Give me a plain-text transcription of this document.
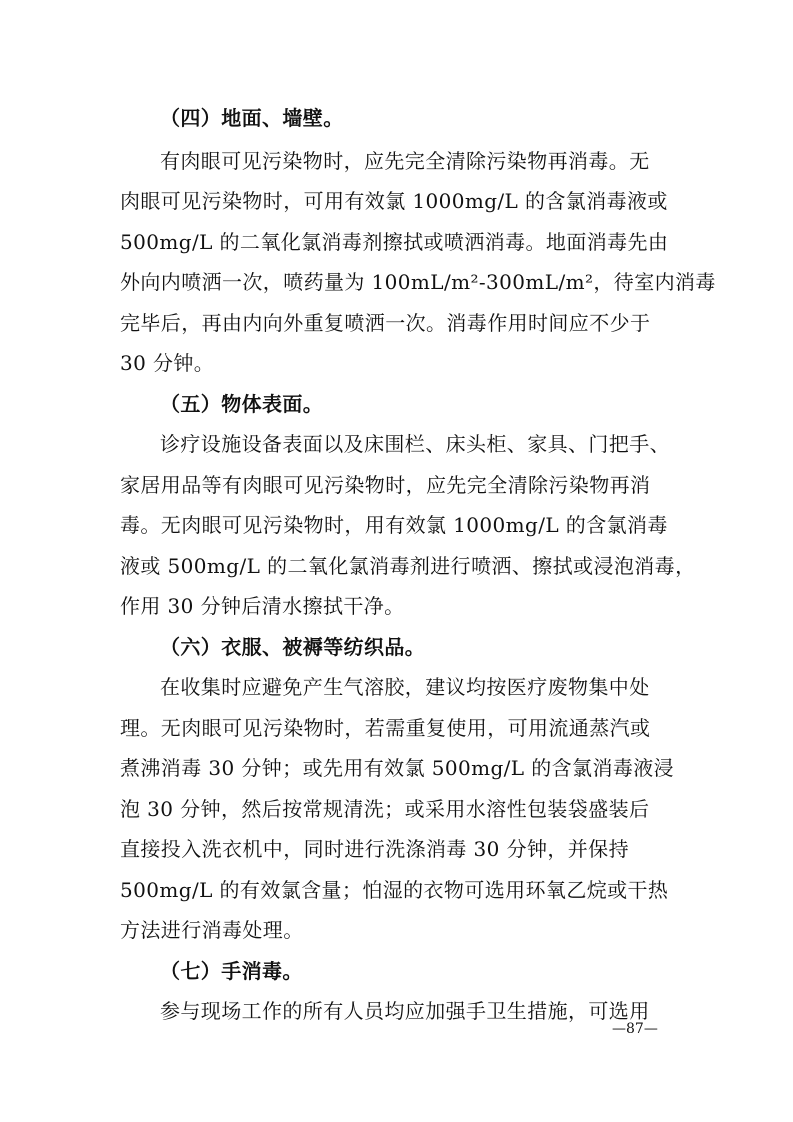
（四）地面、墙壁。
有肉眼可见污染物时，应先完全清除污染物再消毒。无
肉眼可见污染物时，可用有效氯 1000mg/L 的含氯消毒液或
500mg/L 的二氧化氯消毒剂擦拭或喷洒消毒。地面消毒先由
外向内喷洒一次，喷药量为 100mL/m²-300mL/m²，待室内消毒
完毕后，再由内向外重复喷洒一次。消毒作用时间应不少于
30 分钟。
（五）物体表面。
诊疗设施设备表面以及床围栏、床头柜、家具、门把手、
家居用品等有肉眼可见污染物时，应先完全清除污染物再消
毒。无肉眼可见污染物时，用有效氯 1000mg/L 的含氯消毒
液或 500mg/L 的二氧化氯消毒剂进行喷洒、擦拭或浸泡消毒，
作用 30 分钟后清水擦拭干净。
（六）衣服、被褥等纺织品。
在收集时应避免产生气溶胶，建议均按医疗废物集中处
理。无肉眼可见污染物时，若需重复使用，可用流通蒸汽或
煮沸消毒 30 分钟；或先用有效氯 500mg/L 的含氯消毒液浸
泡 30 分钟，然后按常规清洗；或采用水溶性包装袋盛装后
直接投入洗衣机中，同时进行洗涤消毒 30 分钟，并保持
500mg/L 的有效氯含量；怕湿的衣物可选用环氧乙烷或干热
方法进行消毒处理。
（七）手消毒。
参与现场工作的所有人员均应加强手卫生措施，可选用
—87—
